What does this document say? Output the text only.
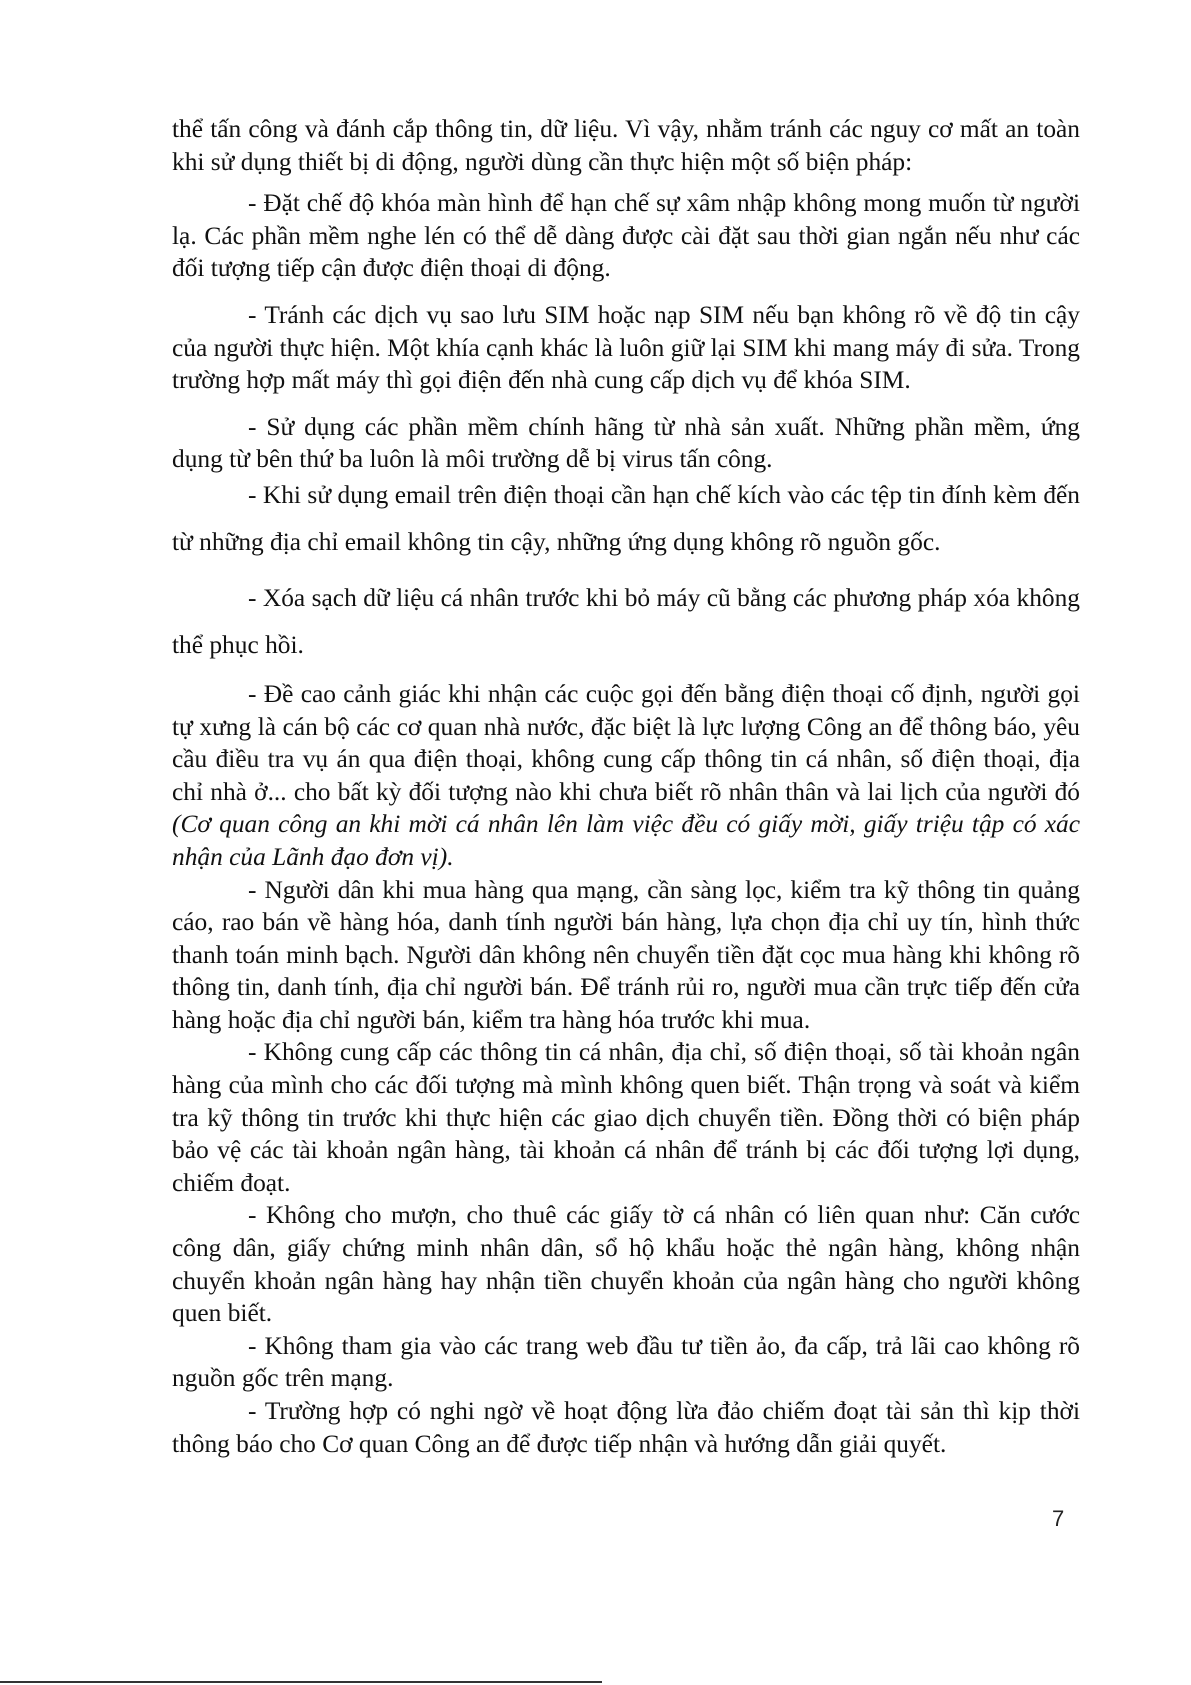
thể tấn công và đánh cắp thông tin, dữ liệu. Vì vậy, nhằm tránh các nguy cơ mất an toàn khi sử dụng thiết bị di động, người dùng cần thực hiện một số biện pháp:

- Đặt chế độ khóa màn hình để hạn chế sự xâm nhập không mong muốn từ người lạ. Các phần mềm nghe lén có thể dễ dàng được cài đặt sau thời gian ngắn nếu như các đối tượng tiếp cận được điện thoại di động.

- Tránh các dịch vụ sao lưu SIM hoặc nạp SIM nếu bạn không rõ về độ tin cậy của người thực hiện. Một khía cạnh khác là luôn giữ lại SIM khi mang máy đi sửa. Trong trường hợp mất máy thì gọi điện đến nhà cung cấp dịch vụ để khóa SIM.

- Sử dụng các phần mềm chính hãng từ nhà sản xuất. Những phần mềm, ứng dụng từ bên thứ ba luôn là môi trường dễ bị virus tấn công.

- Khi sử dụng email trên điện thoại cần hạn chế kích vào các tệp tin đính kèm đến từ những địa chỉ email không tin cậy, những ứng dụng không rõ nguồn gốc.

- Xóa sạch dữ liệu cá nhân trước khi bỏ máy cũ bằng các phương pháp xóa không thể phục hồi.

- Đề cao cảnh giác khi nhận các cuộc gọi đến bằng điện thoại cố định, người gọi tự xưng là cán bộ các cơ quan nhà nước, đặc biệt là lực lượng Công an để thông báo, yêu cầu điều tra vụ án qua điện thoại, không cung cấp thông tin cá nhân, số điện thoại, địa chỉ nhà ở... cho bất kỳ đối tượng nào khi chưa biết rõ nhân thân và lai lịch của người đó (Cơ quan công an khi mời cá nhân lên làm việc đều có giấy mời, giấy triệu tập có xác nhận của Lãnh đạo đơn vị).

- Người dân khi mua hàng qua mạng, cần sàng lọc, kiểm tra kỹ thông tin quảng cáo, rao bán về hàng hóa, danh tính người bán hàng, lựa chọn địa chỉ uy tín, hình thức thanh toán minh bạch. Người dân không nên chuyển tiền đặt cọc mua hàng khi không rõ thông tin, danh tính, địa chỉ người bán. Để tránh rủi ro, người mua cần trực tiếp đến cửa hàng hoặc địa chỉ người bán, kiểm tra hàng hóa trước khi mua.

- Không cung cấp các thông tin cá nhân, địa chỉ, số điện thoại, số tài khoản ngân hàng của mình cho các đối tượng mà mình không quen biết. Thận trọng và soát và kiểm tra kỹ thông tin trước khi thực hiện các giao dịch chuyển tiền. Đồng thời có biện pháp bảo vệ các tài khoản ngân hàng, tài khoản cá nhân để tránh bị các đối tượng lợi dụng, chiếm đoạt.

- Không cho mượn, cho thuê các giấy tờ cá nhân có liên quan như: Căn cước công dân, giấy chứng minh nhân dân, sổ hộ khẩu hoặc thẻ ngân hàng, không nhận chuyển khoản ngân hàng hay nhận tiền chuyển khoản của ngân hàng cho người không quen biết.

- Không tham gia vào các trang web đầu tư tiền ảo, đa cấp, trả lãi cao không rõ nguồn gốc trên mạng.

- Trường hợp có nghi ngờ về hoạt động lừa đảo chiếm đoạt tài sản thì kịp thời thông báo cho Cơ quan Công an để được tiếp nhận và hướng dẫn giải quyết.

7
